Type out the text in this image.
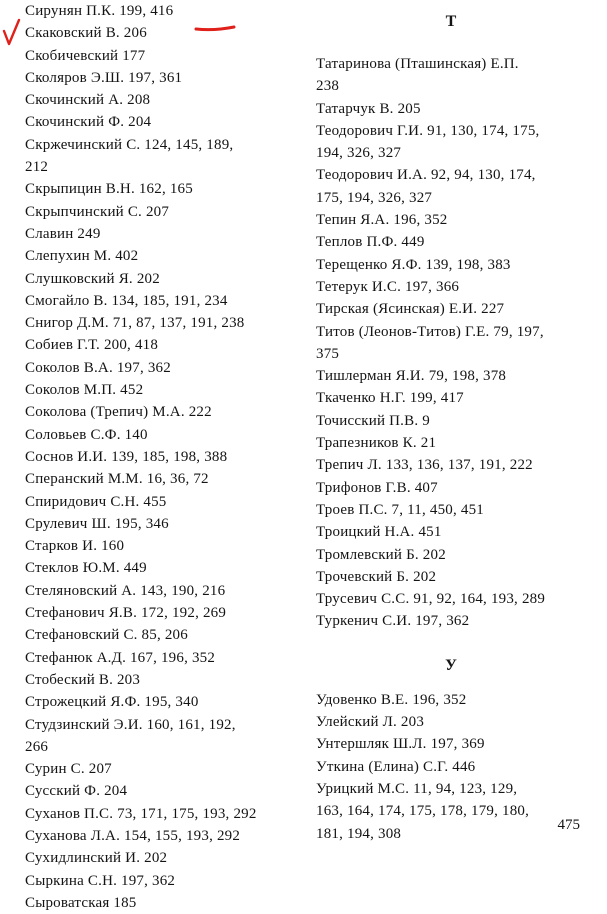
Сирунян П.К. 199, 416
Скаковский В. 206
Скобичевский 177
Сколяров Э.Ш. 197, 361
Скочинский А. 208
Скочинский Ф. 204
Скржечинский С. 124, 145, 189,
212
Скрыпицин В.Н. 162, 165
Скрыпчинский С. 207
Славин 249
Слепухин М. 402
Слушковский Я. 202
Смогайло В. 134, 185, 191, 234
Снигор Д.М. 71, 87, 137, 191, 238
Собиев Г.Т. 200, 418
Соколов В.А. 197, 362
Соколов М.П. 452
Соколова (Трепич) М.А. 222
Соловьев С.Ф. 140
Соснов И.И. 139, 185, 198, 388
Сперанский М.М. 16, 36, 72
Спиридович С.Н. 455
Срулевич Ш. 195, 346
Старков И. 160
Стеклов Ю.М. 449
Стеляновский А. 143, 190, 216
Стефанович Я.В. 172, 192, 269
Стефановский С. 85, 206
Стефанюк А.Д. 167, 196, 352
Стобеский В. 203
Строжецкий Я.Ф. 195, 340
Студзинский Э.И. 160, 161, 192,
266
Сурин С. 207
Сусский Ф. 204
Суханов П.С. 73, 171, 175, 193, 292
Суханова Л.А. 154, 155, 193, 292
Сухидлинский И. 202
Сыркина С.Н. 197, 362
Сыроватская 185
Т
Татаринова (Пташинская) Е.П.
238
Татарчук В. 205
Теодорович Г.И. 91, 130, 174, 175,
194, 326, 327
Теодорович И.А. 92, 94, 130, 174,
175, 194, 326, 327
Тепин Я.А. 196, 352
Теплов П.Ф. 449
Терещенко Я.Ф. 139, 198, 383
Тетерук И.С. 197, 366
Тирская (Ясинская) Е.И. 227
Титов (Леонов-Титов) Г.Е. 79, 197,
375
Тишлерман Я.И. 79, 198, 378
Ткаченко Н.Г. 199, 417
Точисский П.В. 9
Трапезников К. 21
Трепич Л. 133, 136, 137, 191, 222
Трифонов Г.В. 407
Троев П.С. 7, 11, 450, 451
Троицкий Н.А. 451
Тромлевский Б. 202
Трочевский Б. 202
Трусевич С.С. 91, 92, 164, 193, 289
Туркенич С.И. 197, 362
У
Удовенко В.Е. 196, 352
Улейский Л. 203
Унтершляк Ш.Л. 197, 369
Уткина (Елина) С.Г. 446
Урицкий М.С. 11, 94, 123, 129,
163, 164, 174, 175, 178, 179, 180,
181, 194, 308
475
